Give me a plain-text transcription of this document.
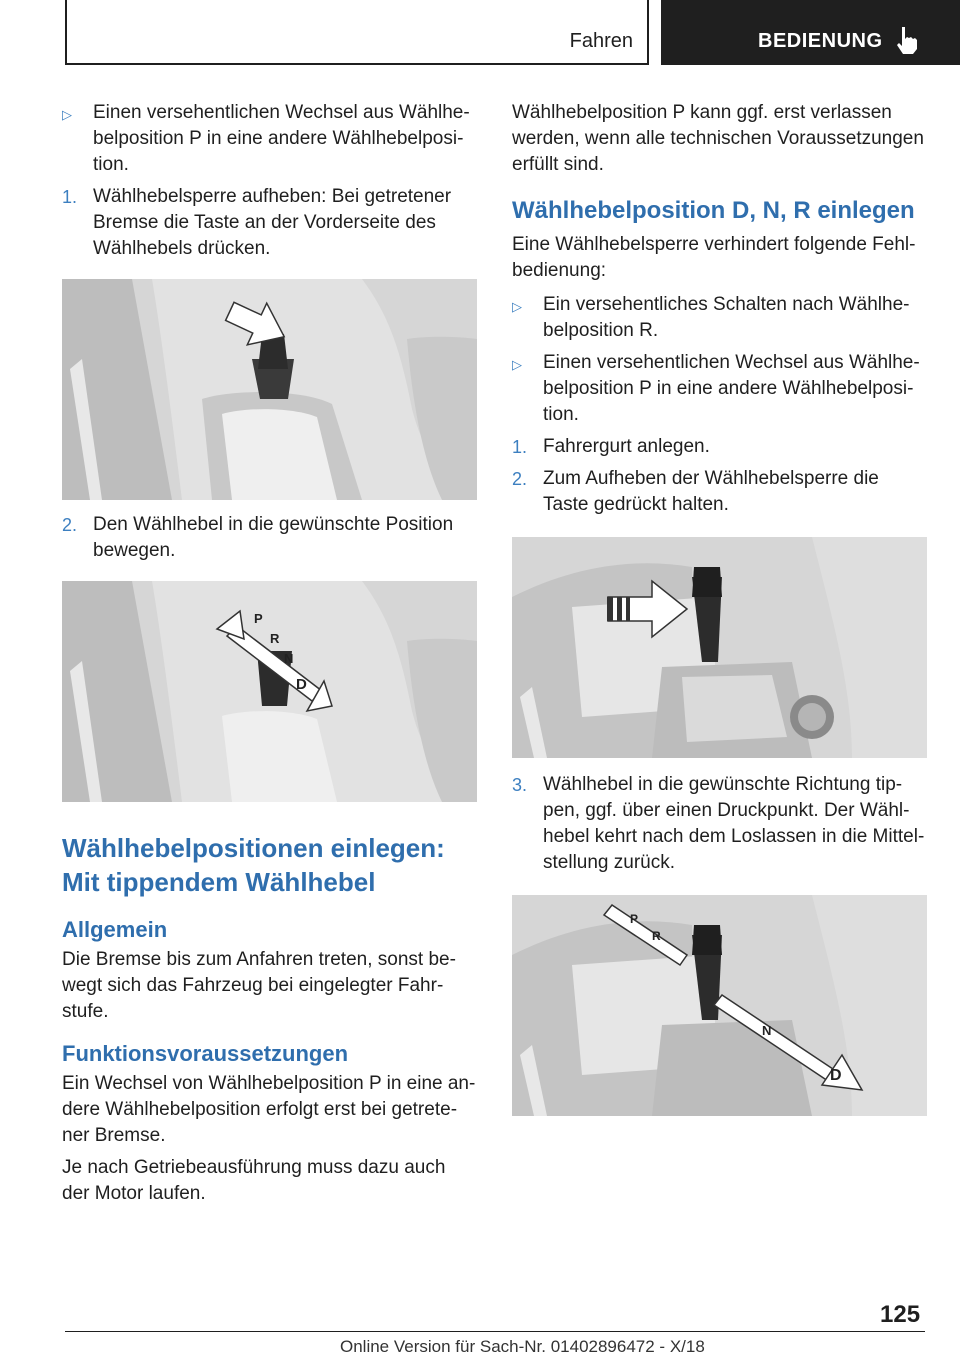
Fahren	BEDIENUNG
▷ Einen versehentlichen Wechsel aus Wählhebelposition P in eine andere Wählhebelposition.
1. Wählhebelsperre aufheben: Bei getretener Bremse die Taste an der Vorderseite des Wählhebels drücken.
2. Den Wählhebel in die gewünschte Position bewegen.
P
R
N
D
Wählhebelpositionen einlegen: Mit tippendem Wählhebel
Allgemein
Die Bremse bis zum Anfahren treten, sonst bewegt sich das Fahrzeug bei eingelegter Fahrstufe.
Funktionsvoraussetzungen
Ein Wechsel von Wählhebelposition P in eine andere Wählhebelposition erfolgt erst bei getretener Bremse.
Je nach Getriebeausführung muss dazu auch der Motor laufen.
Wählhebelposition P kann ggf. erst verlassen werden, wenn alle technischen Voraussetzungen erfüllt sind.
Wählhebelposition D, N, R einlegen
Eine Wählhebelsperre verhindert folgende Fehlbedienung:
▷ Ein versehentliches Schalten nach Wählhebelposition R.
▷ Einen versehentlichen Wechsel aus Wählhebelposition P in eine andere Wählhebelposition.
1. Fahrergurt anlegen.
2. Zum Aufheben der Wählhebelsperre die Taste gedrückt halten.
3. Wählhebel in die gewünschte Richtung tippen, ggf. über einen Druckpunkt. Der Wählhebel kehrt nach dem Loslassen in die Mittelstellung zurück.
P
R
N
D
125
Online Version für Sach-Nr. 01402896472 - X/18
